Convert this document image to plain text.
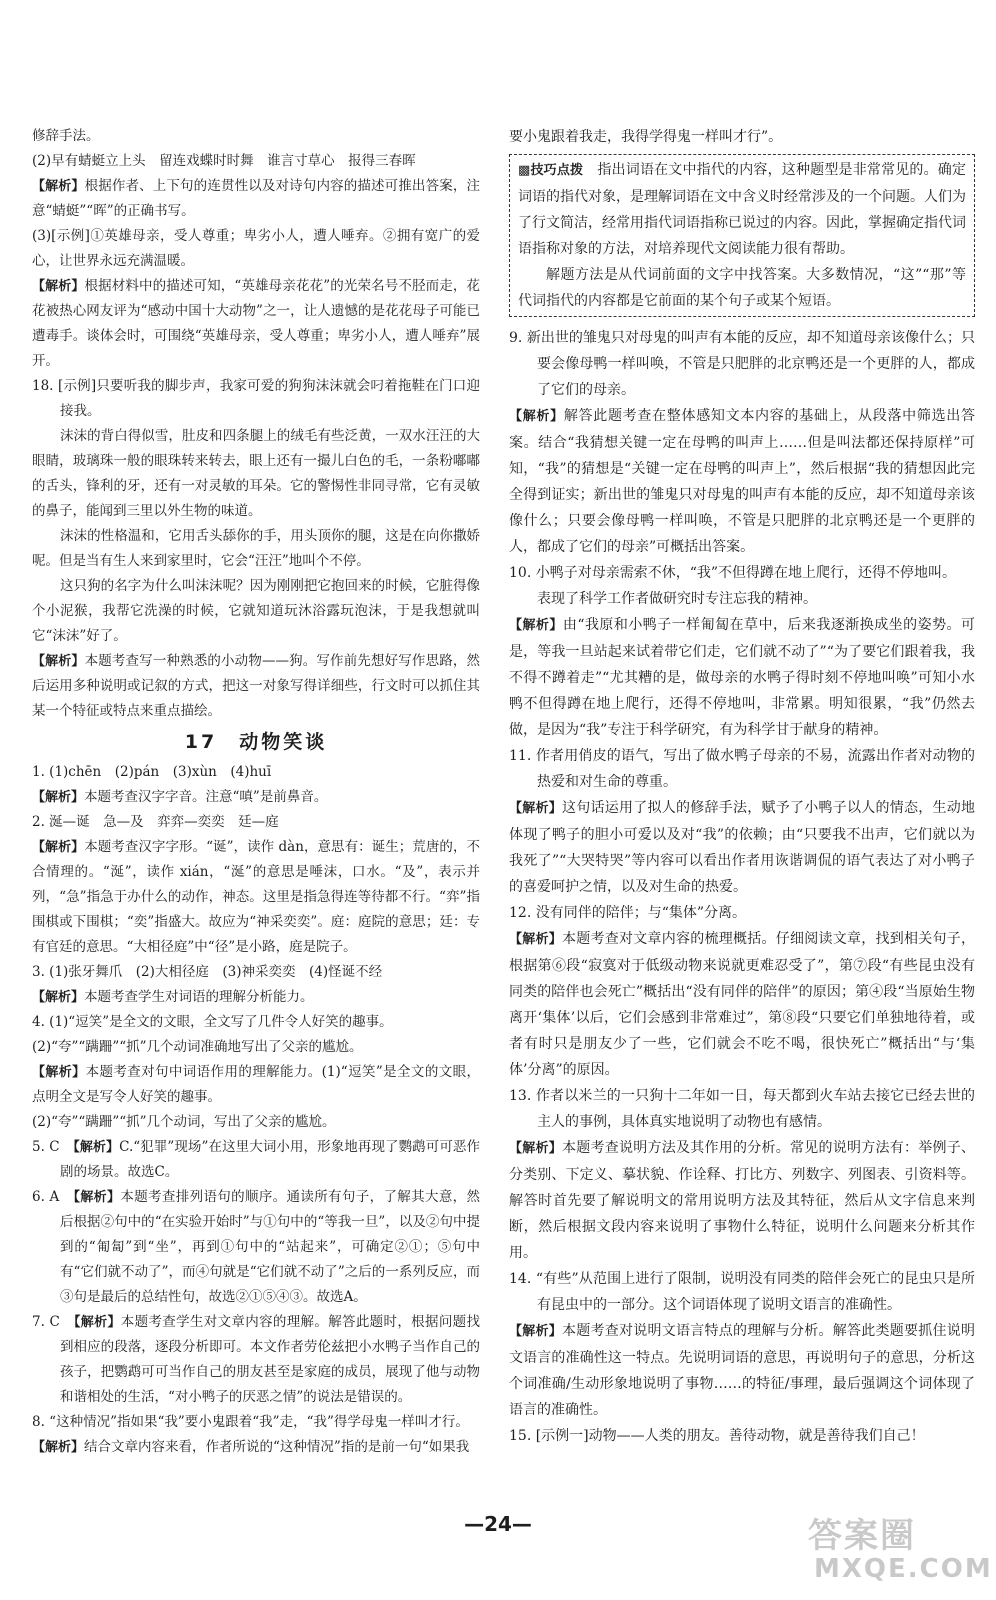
修辞手法。

(2)早有蜻蜓立上头　留连戏蝶时时舞　谁言寸草心　报得三春晖

【解析】根据作者、上下句的连贯性以及对诗句内容的描述可推出答案，注意“蜻蜓”“晖”的正确书写。

(3)[示例]①英雄母亲，受人尊重；卑劣小人，遭人唾弃。②拥有宽广的爱心，让世界永远充满温暖。

【解析】根据材料中的描述可知，“英雄母亲花花”的光荣名号不胫而走，花花被热心网友评为“感动中国十大动物”之一，让人遗憾的是花花母子可能已遭毒手。谈体会时，可围绕“英雄母亲，受人尊重；卑劣小人，遭人唾弃”展开。

18. [示例]只要听我的脚步声，我家可爱的狗狗沫沫就会叼着拖鞋在门口迎接我。

沫沫的背白得似雪，肚皮和四条腿上的绒毛有些泛黄，一双水汪汪的大眼睛，玻璃珠一般的眼珠转来转去，眼上还有一撮儿白色的毛，一条粉嘟嘟的舌头，锋利的牙，还有一对灵敏的耳朵。它的警惕性非同寻常，它有灵敏的鼻子，能闻到三里以外生物的味道。

沫沫的性格温和，它用舌头舔你的手，用头顶你的腿，这是在向你撒娇呢。但是当有生人来到家里时，它会“汪汪”地叫个不停。

这只狗的名字为什么叫沫沫呢？因为刚刚把它抱回来的时候，它脏得像个小泥猴，我帮它洗澡的时候，它就知道玩沐浴露玩泡沫，于是我想就叫它“沫沫”好了。

【解析】本题考查写一种熟悉的小动物——狗。写作前先想好写作思路，然后运用多种说明或记叙的方式，把这一对象写得详细些，行文时可以抓住其某一个特征或特点来重点描绘。

17　动物笑谈

1. (1)chēn　(2)pán　(3)xùn　(4)huī

【解析】本题考查汉字字音。注意“嗔”是前鼻音。

2. 涎—诞　急—及　弈弈—奕奕　廷—庭

【解析】本题考查汉字字形。“诞”，读作 dàn，意思有：诞生；荒唐的，不合情理的。“涎”，读作 xián，“涎”的意思是唾沫，口水。“及”，表示并列，“急”指急于办什么的动作，神态。这里是指急得连等待都不行。“弈”指围棋或下围棋；“奕”指盛大。故应为“神采奕奕”。庭：庭院的意思；廷：专有官廷的意思。“大相径庭”中“径”是小路，庭是院子。

3. (1)张牙舞爪　(2)大相径庭　(3)神采奕奕　(4)怪诞不经

【解析】本题考查学生对词语的理解分析能力。

4. (1)“逗笑”是全文的文眼，全文写了几件令人好笑的趣事。

(2)“夸”“蹒跚”“抓”几个动词准确地写出了父亲的尴尬。

【解析】本题考查对句中词语作用的理解能力。(1)“逗笑”是全文的文眼，点明全文是写令人好笑的趣事。

(2)“夸”“蹒跚”“抓”几个动词，写出了父亲的尴尬。

5. C　 【解析】C.“犯罪”现场”在这里大词小用，形象地再现了鹦鹉可可恶作剧的场景。故选C。

6. A　 【解析】本题考查排列语句的顺序。通读所有句子，了解其大意，然后根据②句中的“在实验开始时”与①句中的“等我一旦”，以及②句中提到的“匍匐”到“坐”，再到①句中的“站起来”，可确定②①；⑤句中有“它们就不动了”，而④句就是“它们就不动了”之后的一系列反应，而③句是最后的总结性句，故选②①⑤④③。故选A。

7. C　 【解析】本题考查学生对文章内容的理解。解答此题时，根据问题找到相应的段落，逐段分析即可。本文作者劳伦兹把小水鸭子当作自己的孩子，把鹦鹉可可当作自己的朋友甚至是家庭的成员，展现了他与动物和谐相处的生活，“对小鸭子的厌恶之情”的说法是错误的。

8. “这种情况”指如果“我”要小鬼跟着“我”走，“我”得学母鬼一样叫才行。

【解析】结合文章内容来看，作者所说的“这种情况”指的是前一句“如果我

要小鬼跟着我走，我得学得鬼一样叫才行”。

▩技巧点拨　 指出词语在文中指代的内容，这种题型是非常常见的。确定词语的指代对象，是理解词语在文中含义时经常涉及的一个问题。人们为了行文简洁，经常用指代词语指称已说过的内容。因此，掌握确定指代词语指称对象的方法，对培养现代文阅读能力很有帮助。

解题方法是从代词前面的文字中找答案。大多数情况，“这”“那”等代词指代的内容都是它前面的某个句子或某个短语。

9. 新出世的雏鬼只对母鬼的叫声有本能的反应，却不知道母亲该像什么；只要会像母鸭一样叫唤，不管是只肥胖的北京鸭还是一个更胖的人，都成了它们的母亲。

【解析】解答此题考查在整体感知文本内容的基础上，从段落中筛选出答案。结合“我猜想关键一定在母鸭的叫声上……但是叫法都还保持原样”可知，“我”的猜想是“关键一定在母鸭的叫声上”，然后根据“我的猜想因此完全得到证实；新出世的雏鬼只对母鬼的叫声有本能的反应，却不知道母亲该像什么；只要会像母鸭一样叫唤，不管是只肥胖的北京鸭还是一个更胖的人，都成了它们的母亲”可概括出答案。

10. 小鸭子对母亲需索不休，“我”不但得蹲在地上爬行，还得不停地叫。

表现了科学工作者做研究时专注忘我的精神。

【解析】由“我原和小鸭子一样匍匐在草中，后来我逐渐换成坐的姿势。可是，等我一旦站起来试着带它们走，它们就不动了”“为了要它们跟着我，我不得不蹲着走”“尤其糟的是，做母亲的水鸭子得时刻不停地叫唤”可知小水鸭不但得蹲在地上爬行，还得不停地叫，非常累。明知很累，“我”仍然去做，是因为“我”专注于科学研究，有为科学甘于献身的精神。

11. 作者用俏皮的语气，写出了做水鸭子母亲的不易，流露出作者对动物的热爱和对生命的尊重。

【解析】这句话运用了拟人的修辞手法，赋予了小鸭子以人的情态，生动地体现了鸭子的胆小可爱以及对“我”的依赖；由“只要我不出声，它们就以为我死了”“大哭特哭”等内容可以看出作者用诙谐调侃的语气表达了对小鸭子的喜爱呵护之情，以及对生命的热爱。

12. 没有同伴的陪伴；与“集体”分离。

【解析】本题考查对文章内容的梳理概括。仔细阅读文章，找到相关句子，根据第⑥段“寂寞对于低级动物来说就更难忍受了”，第⑦段“有些昆虫没有同类的陪伴也会死亡”概括出“没有同伴的陪伴”的原因；第④段“当原始生物离开‘集体’以后，它们会感到非常难过”，第⑧段“只要它们单独地待着，或者有时只是朋友少了一些，它们就会不吃不喝，很快死亡”概括出“与‘集体’分离”的原因。

13. 作者以米兰的一只狗十二年如一日，每天都到火车站去接它已经去世的主人的事例，具体真实地说明了动物也有感情。

【解析】本题考查说明方法及其作用的分析。常见的说明方法有：举例子、分类别、下定义、摹状貌、作诠释、打比方、列数字、列图表、引资料等。解答时首先要了解说明文的常用说明方法及其特征，然后从文字信息来判断，然后根据文段内容来说明了事物什么特征，说明什么问题来分析其作用。

14. “有些”从范围上进行了限制，说明没有同类的陪伴会死亡的昆虫只是所有昆虫中的一部分。这个词语体现了说明文语言的准确性。

【解析】本题考查对说明文语言特点的理解与分析。解答此类题要抓住说明文语言的准确性这一特点。先说明词语的意思，再说明句子的意思，分析这个词准确/生动形象地说明了事物……的特征/事理，最后强调这个词体现了语言的准确性。

15. [示例一]动物——人类的朋友。善待动物，就是善待我们自己！

—24—	答案圈
MXQE.COM
